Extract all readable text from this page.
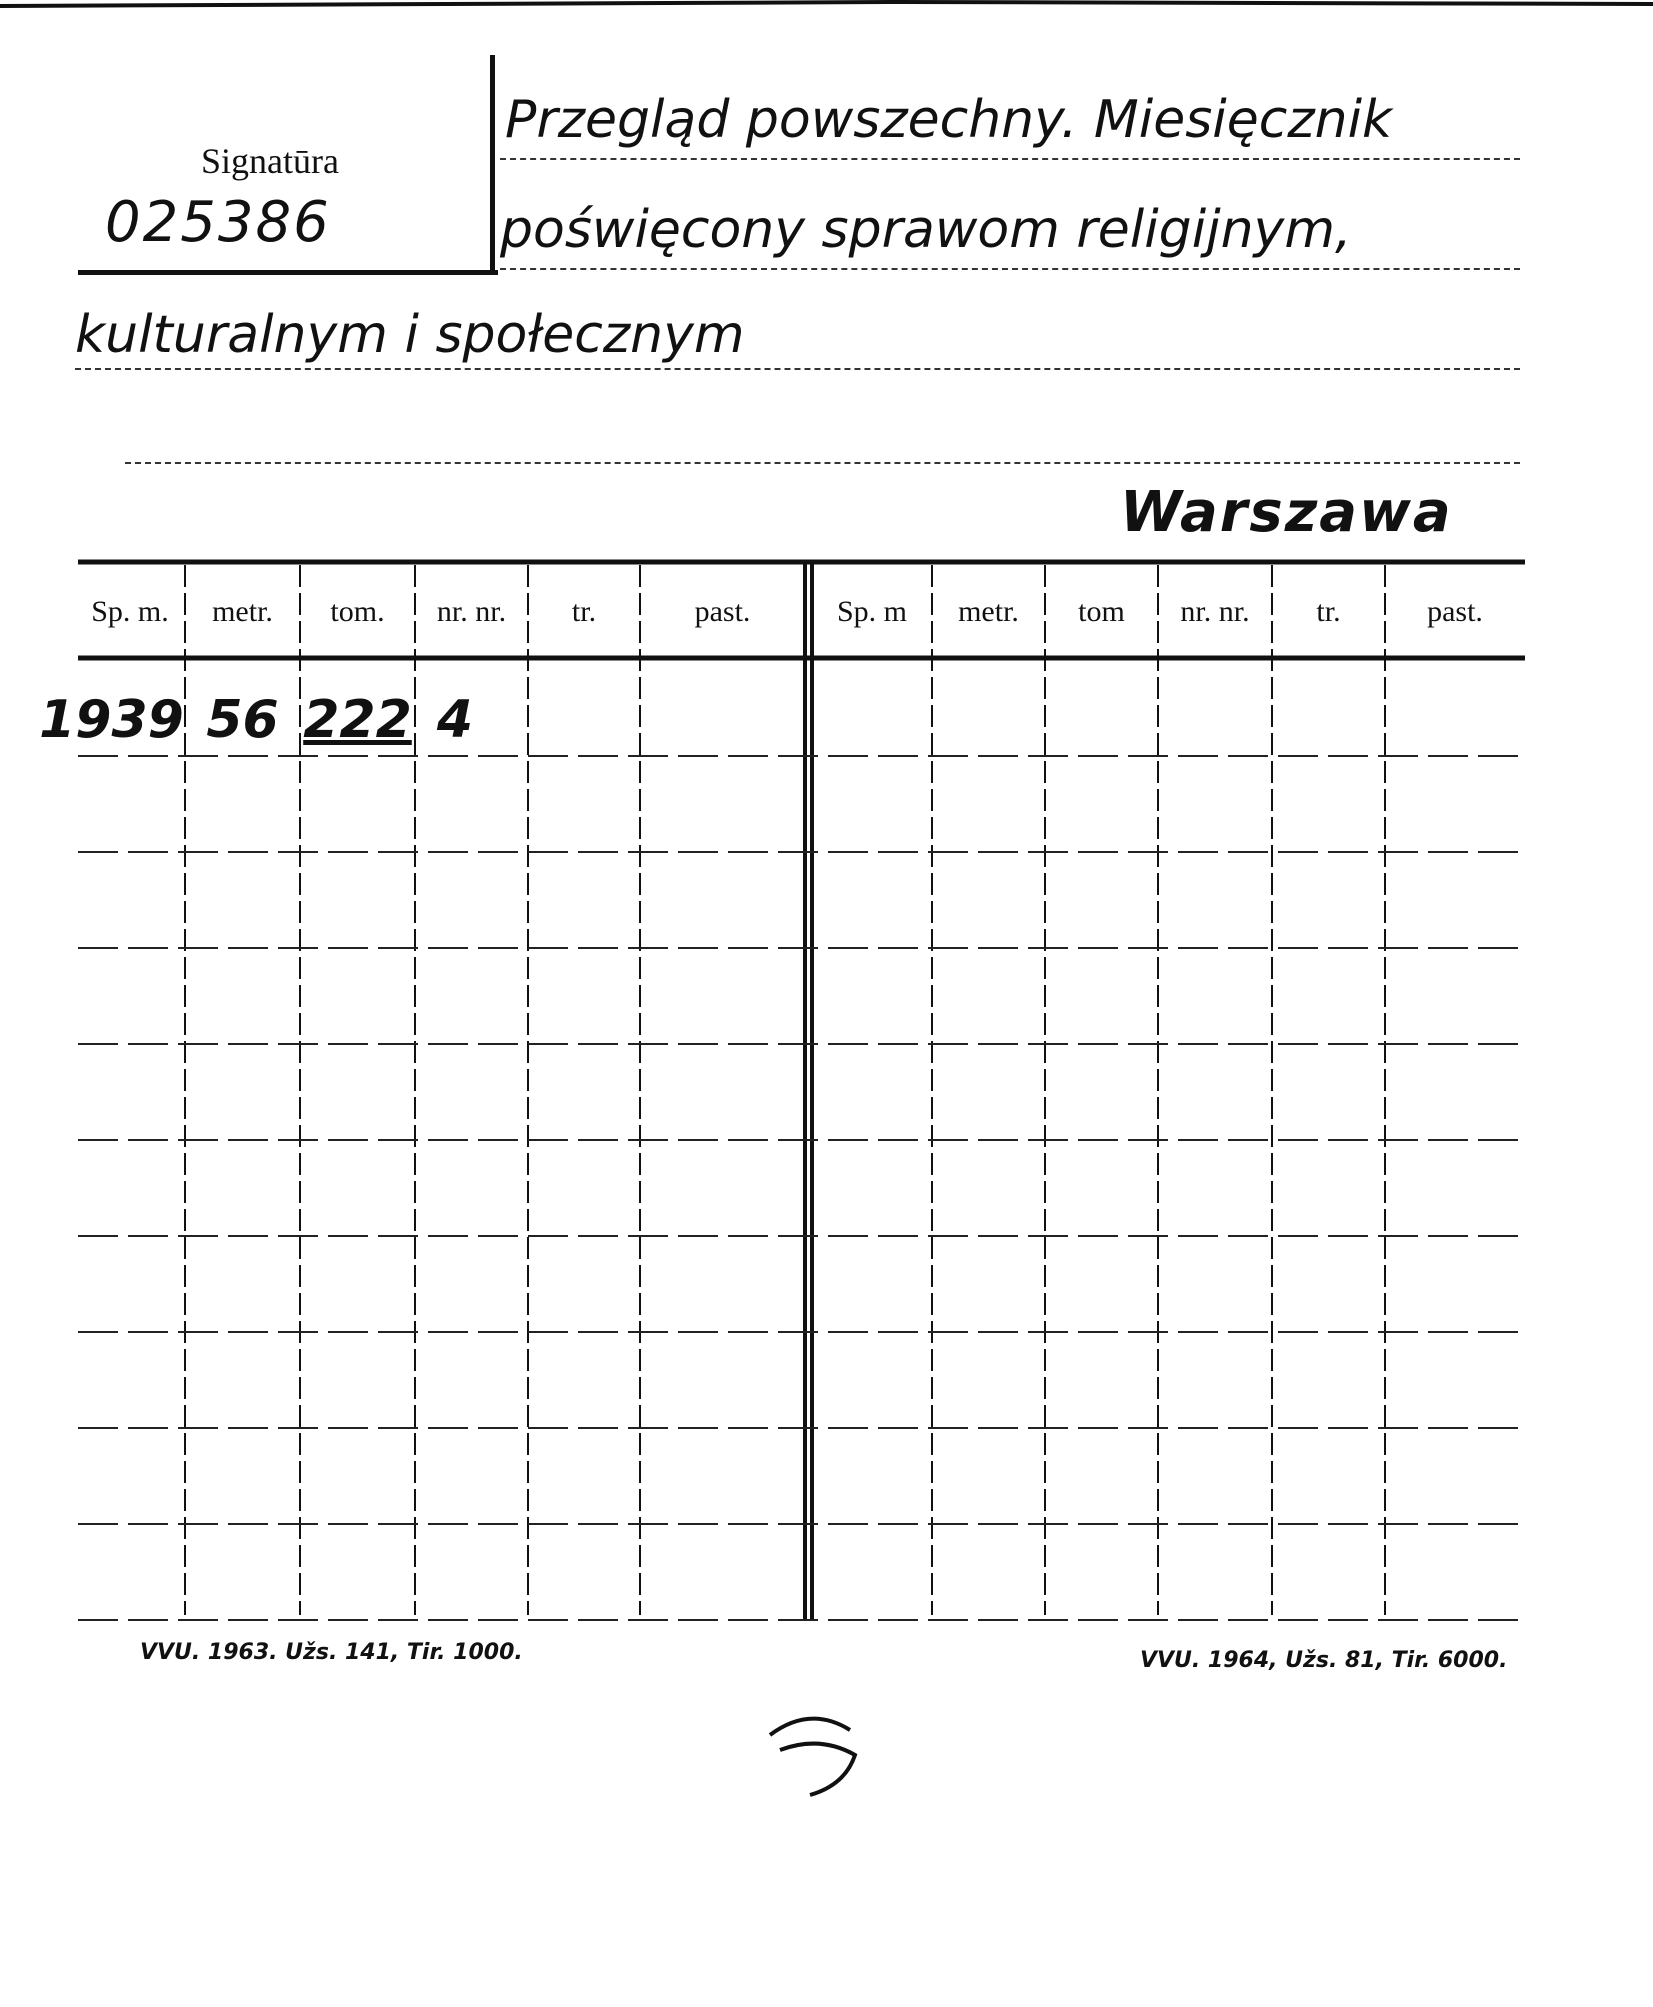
Signatūra
025386
Przegląd powszechny. Miesięcznik
poświęcony sprawom religijnym,
kulturalnym i społecznym
Warszawa
Sp. m.	metr.	tom.	nr. nr.	tr.	past.	Sp. m	metr.	tom	nr. nr.	tr.	past.
1939 56 222 4
VVU. 1963. Užs. 141, Tir. 1000.	VVU. 1964, Užs. 81, Tir. 6000.
